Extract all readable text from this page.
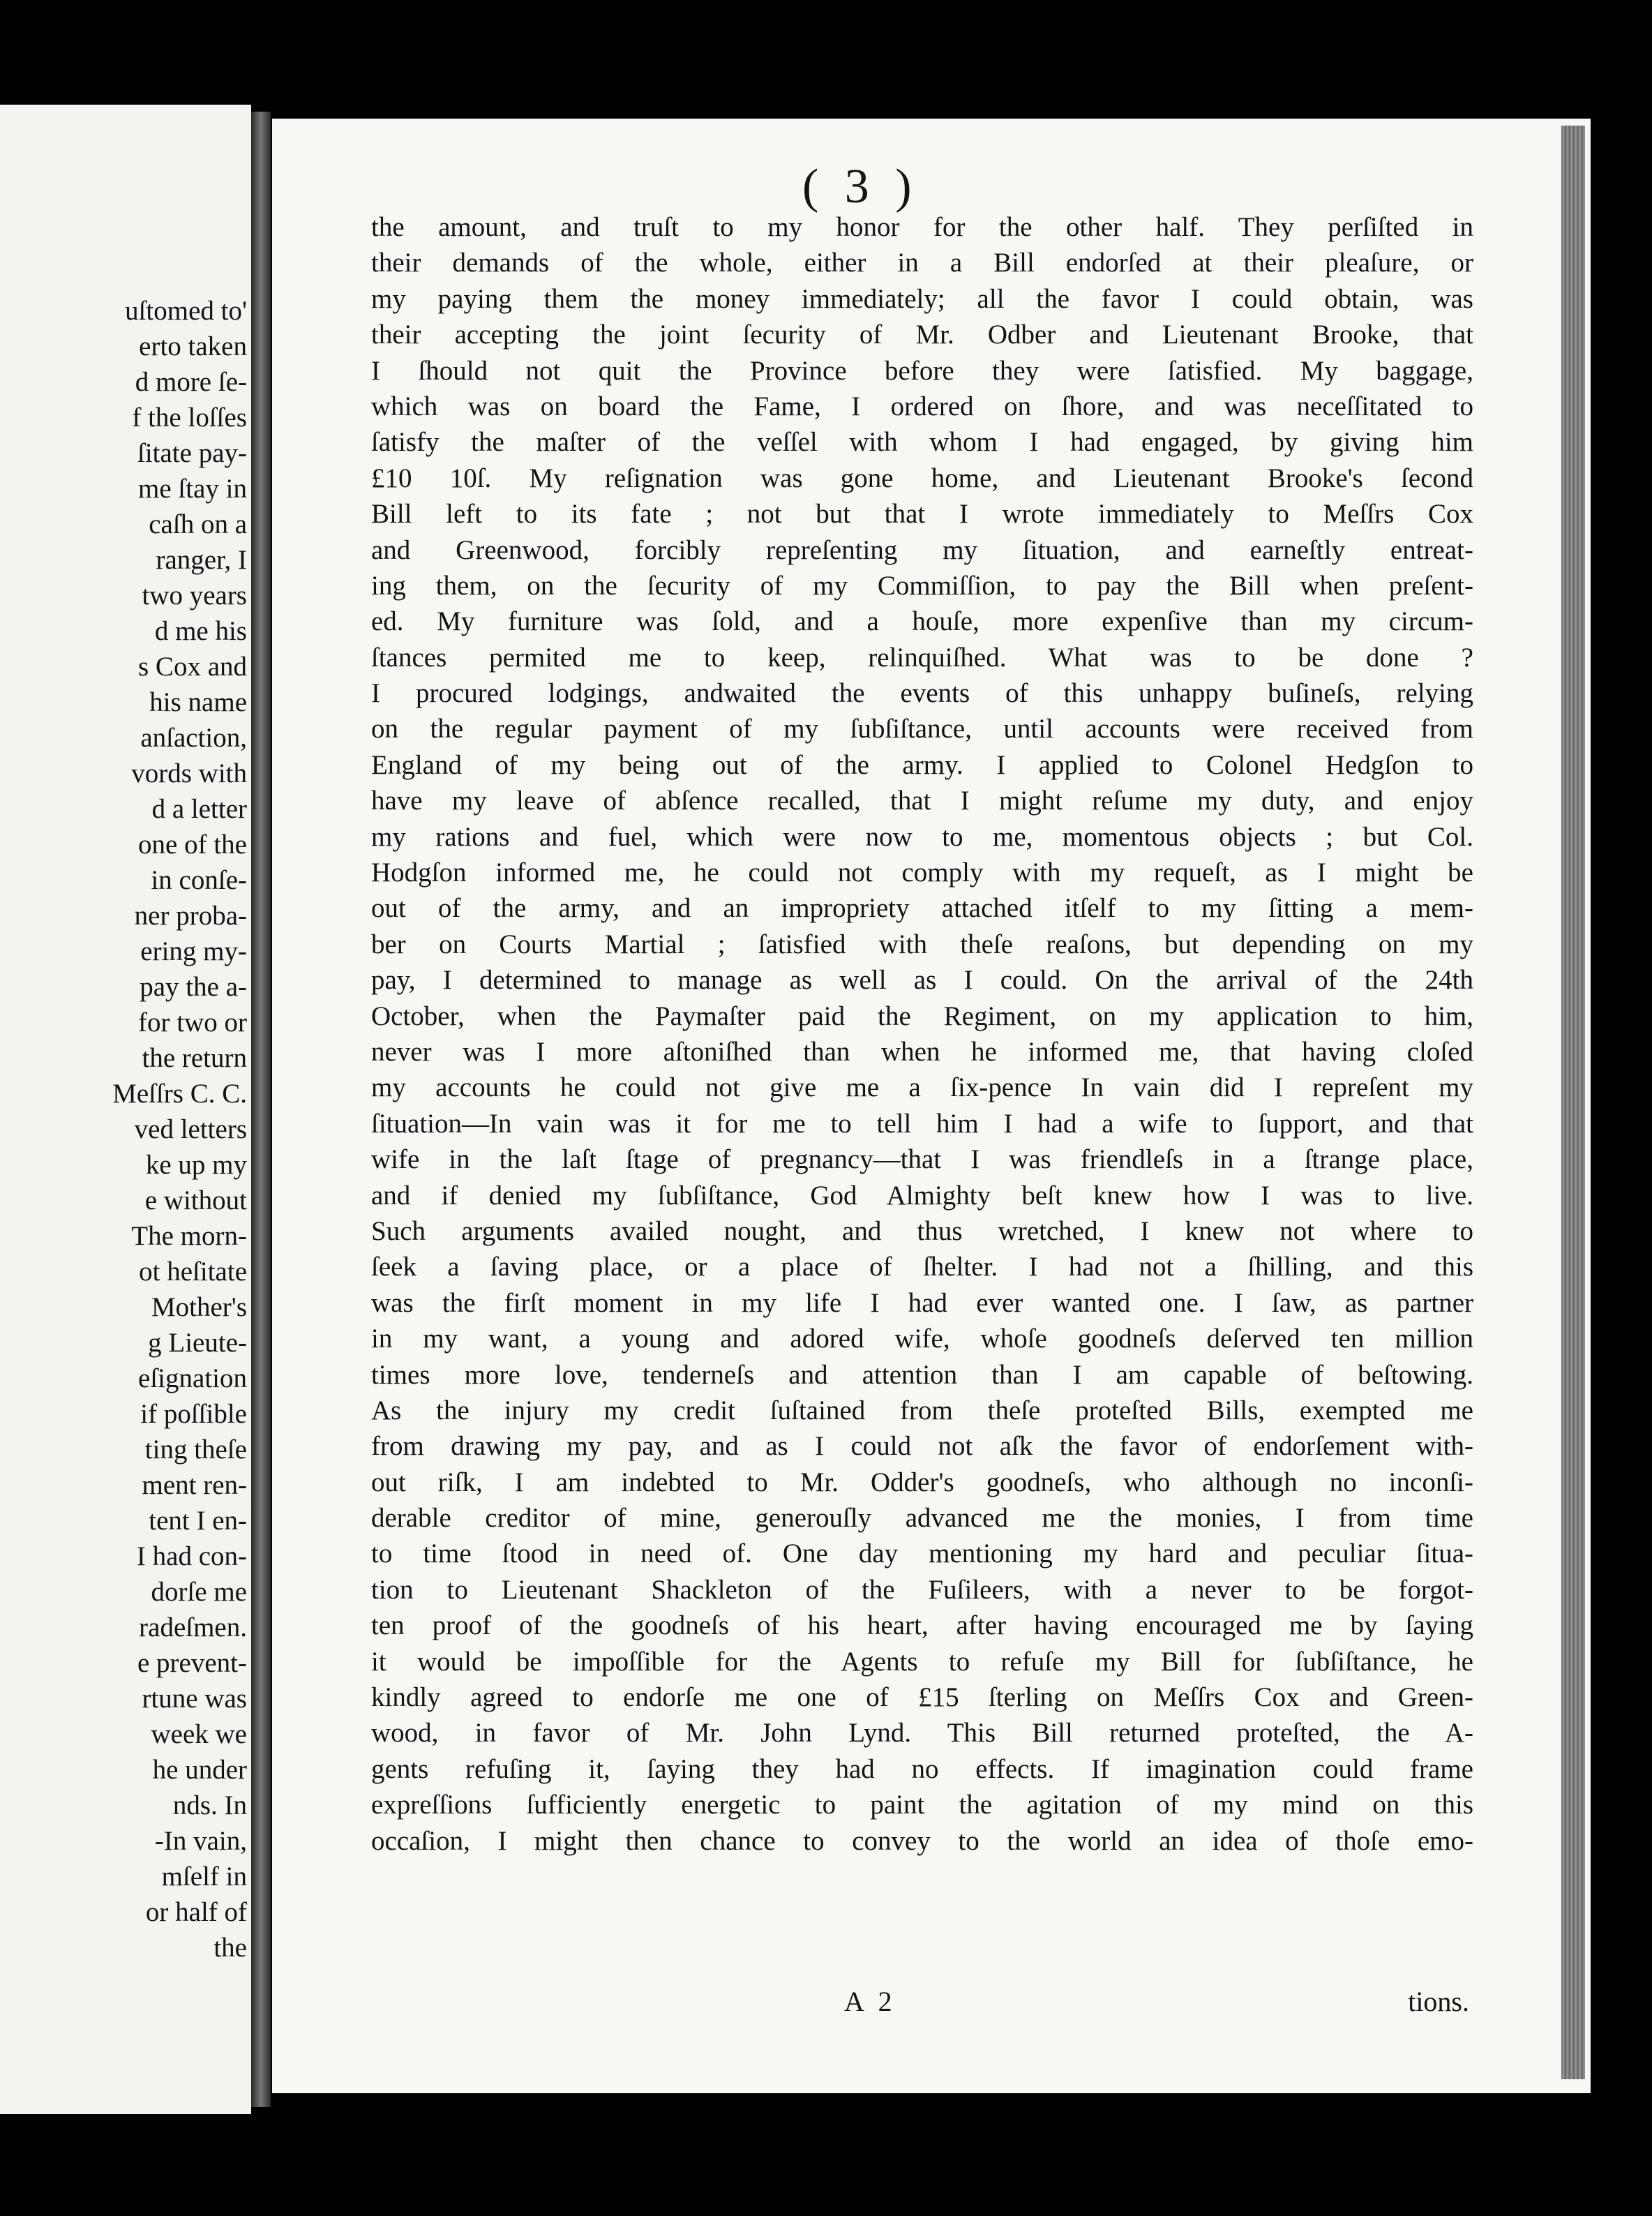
uſtomed to'
erto taken
d more ſe-
f the loſſes
ſitate pay-
me ſtay in
caſh on a
ranger, I
two years
d me his
s Cox and
his name
anſaction,
vords with
d a letter
one of the
in conſe-
ner proba-
ering my-
pay the a-
for two or
the return
Meſſrs C. C.
ved letters
ke up my
e without
The morn-
ot heſitate
Mother's
g Lieute-
eſignation
if poſſible
ting theſe
ment ren-
tent I en-
I had con-
dorſe me
radeſmen.
e prevent-
rtune was
week we
he under
nds. In
-In vain,
mſelf in
or half of
the
( 3 )
the amount, and truſt to my honor for the other half. They perſiſted in
their demands of the whole, either in a Bill endorſed at their pleaſure, or
my paying them the money immediately; all the favor I could obtain, was
their accepting the joint ſecurity of Mr. Odber and Lieutenant Brooke, that
I ſhould not quit the Province before they were ſatisfied. My baggage,
which was on board the Fame, I ordered on ſhore, and was neceſſitated to
ſatisfy the maſter of the veſſel with whom I had engaged, by giving him
£10 10ſ. My reſignation was gone home, and Lieutenant Brooke's ſecond
Bill left to its fate ; not but that I wrote immediately to Meſſrs Cox
and Greenwood, forcibly repreſenting my ſituation, and earneſtly entreat-
ing them, on the ſecurity of my Commiſſion, to pay the Bill when preſent-
ed. My furniture was ſold, and a houſe, more expenſive than my circum-
ſtances permited me to keep, relinquiſhed. What was to be done ?
I procured lodgings, andwaited the events of this unhappy buſineſs, relying
on the regular payment of my ſubſiſtance, until accounts were received from
England of my being out of the army. I applied to Colonel Hedgſon to
have my leave of abſence recalled, that I might reſume my duty, and enjoy
my rations and fuel, which were now to me, momentous objects ; but Col.
Hodgſon informed me, he could not comply with my requeſt, as I might be
out of the army, and an impropriety attached itſelf to my ſitting a mem-
ber on Courts Martial ; ſatisfied with theſe reaſons, but depending on my
pay, I determined to manage as well as I could. On the arrival of the 24th
October, when the Paymaſter paid the Regiment, on my application to him,
never was I more aſtoniſhed than when he informed me, that having cloſed
my accounts he could not give me a ſix-pence In vain did I repreſent my
ſituation—In vain was it for me to tell him I had a wife to ſupport, and that
wife in the laſt ſtage of pregnancy—that I was friendleſs in a ſtrange place,
and if denied my ſubſiſtance, God Almighty beſt knew how I was to live.
Such arguments availed nought, and thus wretched, I knew not where to
ſeek a ſaving place, or a place of ſhelter. I had not a ſhilling, and this
was the firſt moment in my life I had ever wanted one. I ſaw, as partner
in my want, a young and adored wife, whoſe goodneſs deſerved ten million
times more love, tenderneſs and attention than I am capable of beſtowing.
As the injury my credit ſuſtained from theſe proteſted Bills, exempted me
from drawing my pay, and as I could not aſk the favor of endorſement with-
out riſk, I am indebted to Mr. Odder's goodneſs, who although no inconſi-
derable creditor of mine, generouſly advanced me the monies, I from time
to time ſtood in need of. One day mentioning my hard and peculiar ſitua-
tion to Lieutenant Shackleton of the Fuſileers, with a never to be forgot-
ten proof of the goodneſs of his heart, after having encouraged me by ſaying
it would be impoſſible for the Agents to refuſe my Bill for ſubſiſtance, he
kindly agreed to endorſe me one of £15 ſterling on Meſſrs Cox and Green-
wood, in favor of Mr. John Lynd. This Bill returned proteſted, the A-
gents refuſing it, ſaying they had no effects. If imagination could frame
expreſſions ſufficiently energetic to paint the agitation of my mind on this
occaſion, I might then chance to convey to the world an idea of thoſe emo-
A 2	tions.
